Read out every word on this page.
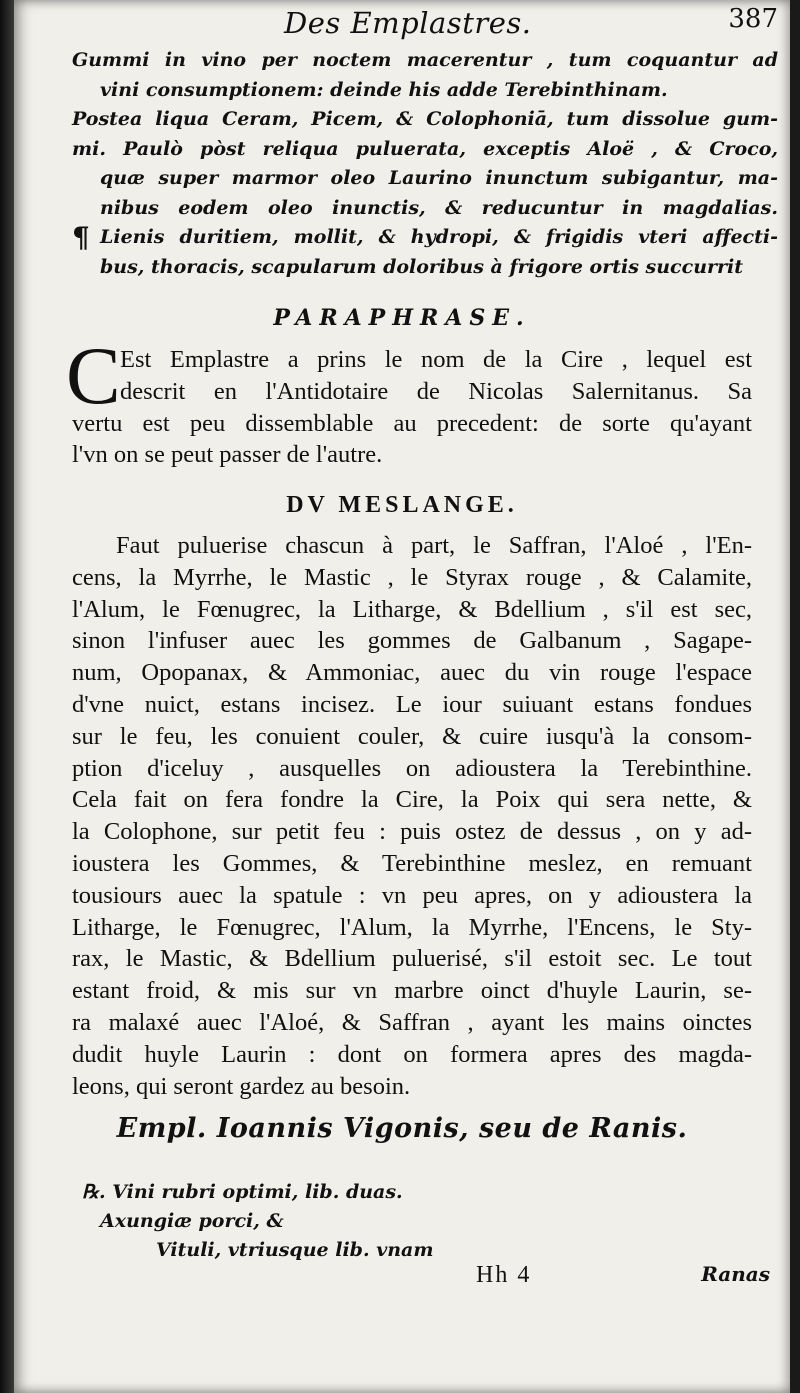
Des Emplastres.	387
Gummi in vino per noctem macerentur , tum coquantur ad
vini consumptionem: deinde his adde Terebinthinam.
Postea liqua Ceram, Picem, & Colophoniā, tum dissolue gum-
mi. Paulò pòst reliqua puluerata, exceptis Aloë , & Croco,
quæ super marmor oleo Laurino inunctum subigantur, ma-
nibus eodem oleo inunctis, & reducuntur in magdalias.
Lienis duritiem, mollit, & hydropi, & frigidis vteri affecti-
bus, thoracis, scapularum doloribus à frigore ortis succurrit
¶
PARAPHRASE.
C Est Emplastre a prins le nom de la Cire , lequel est
descrit en l'Antidotaire de Nicolas Salernitanus. Sa
vertu est peu dissemblable au precedent: de sorte qu'ayant
l'vn on se peut passer de l'autre.
DV MESLANGE.
Faut puluerise chascun à part, le Saffran, l'Aloé , l'En-
cens, la Myrrhe, le Mastic , le Styrax rouge , & Calamite,
l'Alum, le Fœnugrec, la Litharge, & Bdellium , s'il est sec,
sinon l'infuser auec les gommes de Galbanum , Sagape-
num, Opopanax, & Ammoniac, auec du vin rouge l'espace
d'vne nuict, estans incisez. Le iour suiuant estans fondues
sur le feu, les conuient couler, & cuire iusqu'à la consom-
ption d'iceluy , ausquelles on adioustera la Terebinthine.
Cela fait on fera fondre la Cire, la Poix qui sera nette, &
la Colophone, sur petit feu : puis ostez de dessus , on y ad-
ioustera les Gommes, & Terebinthine meslez, en remuant
tousiours auec la spatule : vn peu apres, on y adioustera la
Litharge, le Fœnugrec, l'Alum, la Myrrhe, l'Encens, le Sty-
rax, le Mastic, & Bdellium puluerisé, s'il estoit sec. Le tout
estant froid, & mis sur vn marbre oinct d'huyle Laurin, se-
ra malaxé auec l'Aloé, & Saffran , ayant les mains oinctes
dudit huyle Laurin : dont on formera apres des magda-
leons, qui seront gardez au besoin.
Empl. Ioannis Vigonis, seu de Ranis.
℞. Vini rubri optimi, lib. duas.
Axungiæ porci, &
Vituli, vtriusque lib. vnam
Hh 4	Ranas
